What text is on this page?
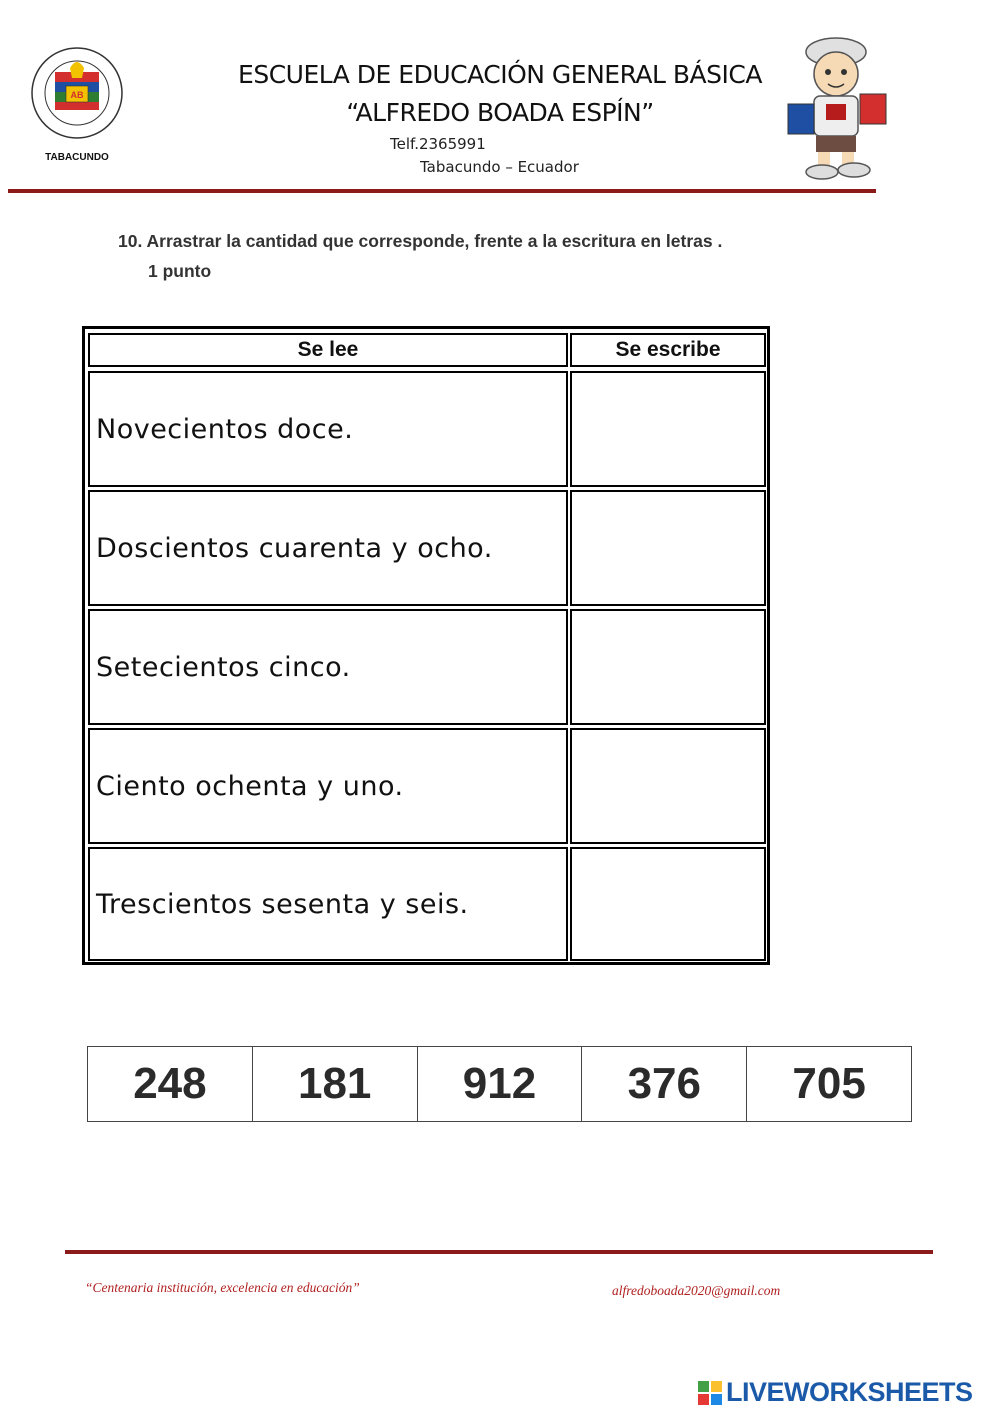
AB
TABACUNDO
ESCUELA DE EDUCACIÓN GENERAL BÁSICA
“ALFREDO BOADA ESPÍN”
Telf.2365991
Tabacundo – Ecuador
10. Arrastrar la cantidad que corresponde, frente a la escritura en letras .
1 punto
Se lee	Se escribe
Novecientos doce.
Doscientos cuarenta y ocho.
Setecientos cinco.
Ciento ochenta y uno.
Trescientos sesenta y seis.
248	181	912	376	705
“Centenaria institución, excelencia en educación”	alfredoboada2020@gmail.com
LIVEWORKSHEETS
